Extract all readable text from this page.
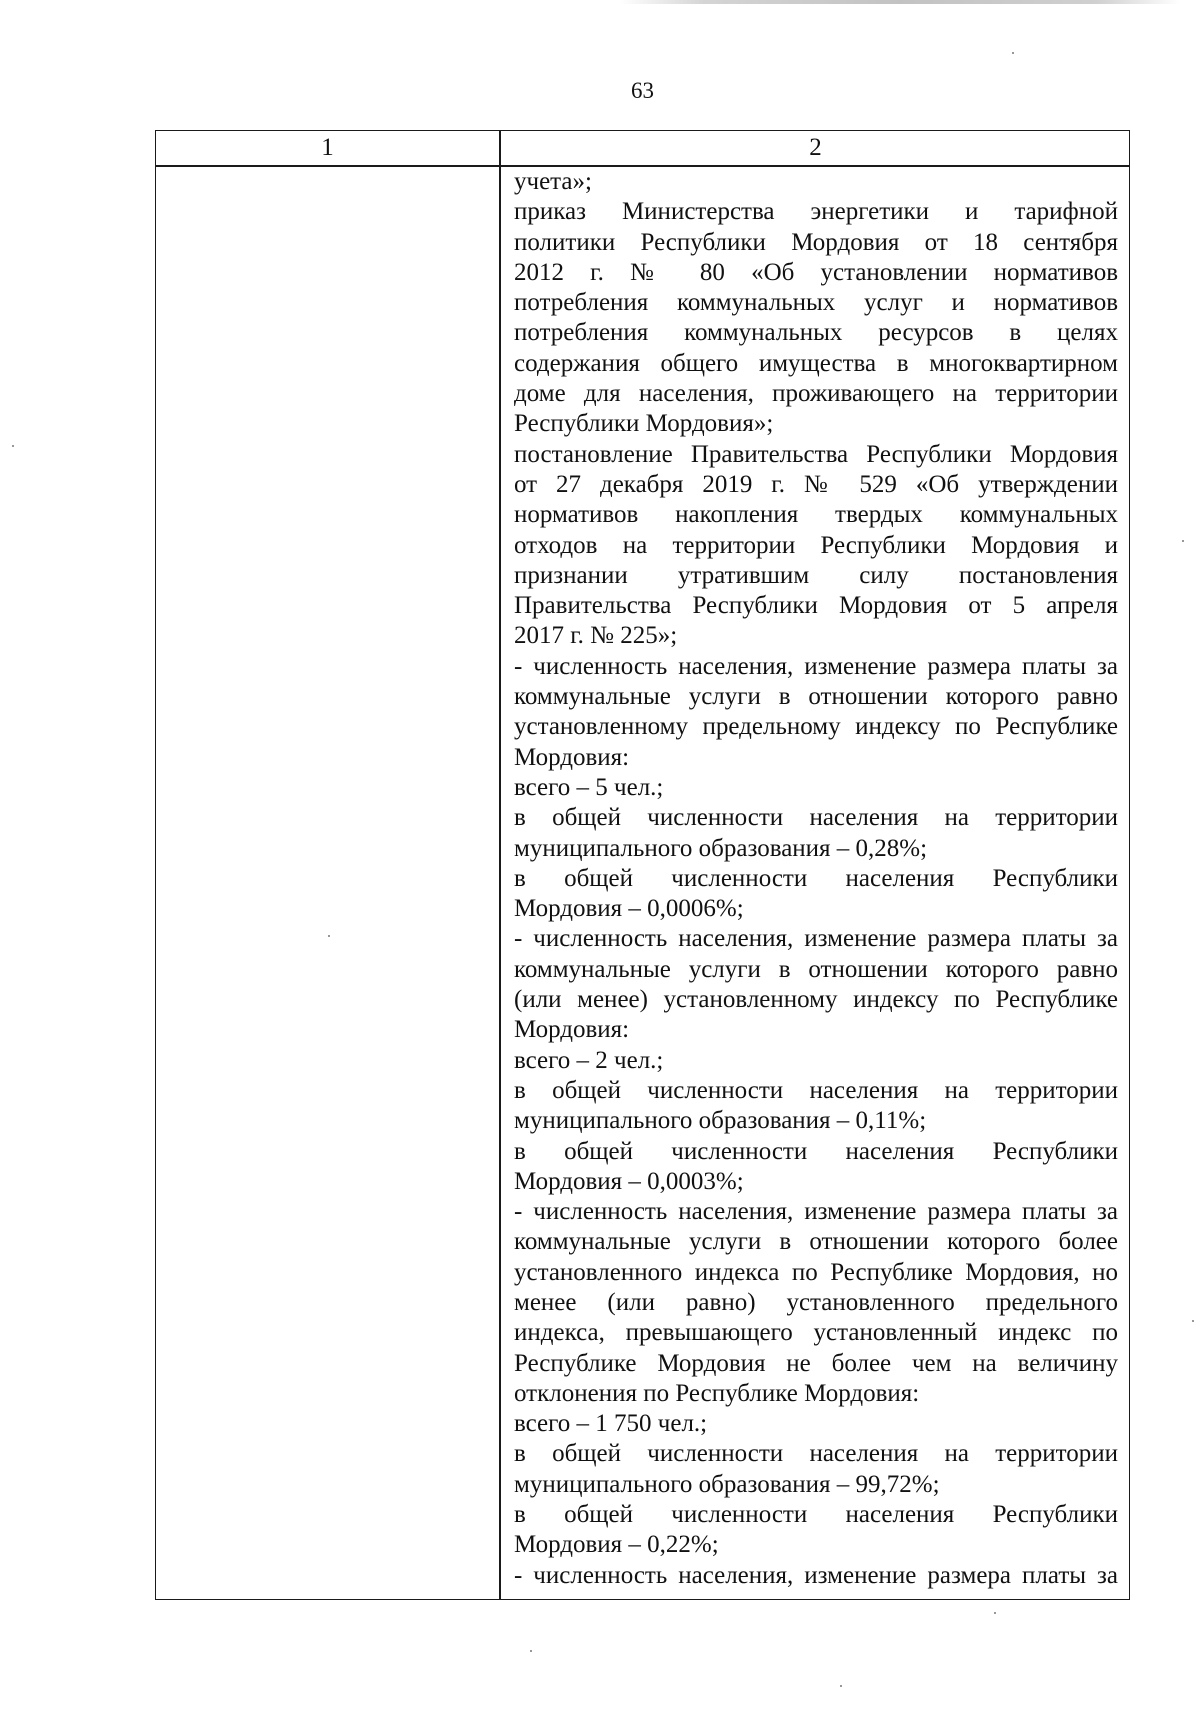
63
1	2
учета»;
приказ Министерства энергетики и тарифной
политики Республики Мордовия от 18 сентября
2012 г. № 80 «Об установлении нормативов
потребления коммунальных услуг и нормативов
потребления коммунальных ресурсов в целях
содержания общего имущества в многоквартирном
доме для населения, проживающего на территории
Республики Мордовия»;
постановление Правительства Республики Мордовия
от 27 декабря 2019 г. № 529 «Об утверждении
нормативов накопления твердых коммунальных
отходов на территории Республики Мордовия и
признании утратившим силу постановления
Правительства Республики Мордовия от 5 апреля
2017 г. № 225»;
- численность населения, изменение размера платы за
коммунальные услуги в отношении которого равно
установленному предельному индексу по Республике
Мордовия:
всего – 5 чел.;
в общей численности населения на территории
муниципального образования – 0,28%;
в общей численности населения Республики
Мордовия – 0,0006%;
- численность населения, изменение размера платы за
коммунальные услуги в отношении которого равно
(или менее) установленному индексу по Республике
Мордовия:
всего – 2 чел.;
в общей численности населения на территории
муниципального образования – 0,11%;
в общей численности населения Республики
Мордовия – 0,0003%;
- численность населения, изменение размера платы за
коммунальные услуги в отношении которого более
установленного индекса по Республике Мордовия, но
менее (или равно) установленного предельного
индекса, превышающего установленный индекс по
Республике Мордовия не более чем на величину
отклонения по Республике Мордовия:
всего – 1 750 чел.;
в общей численности населения на территории
муниципального образования – 99,72%;
в общей численности населения Республики
Мордовия – 0,22%;
- численность населения, изменение размера платы за
